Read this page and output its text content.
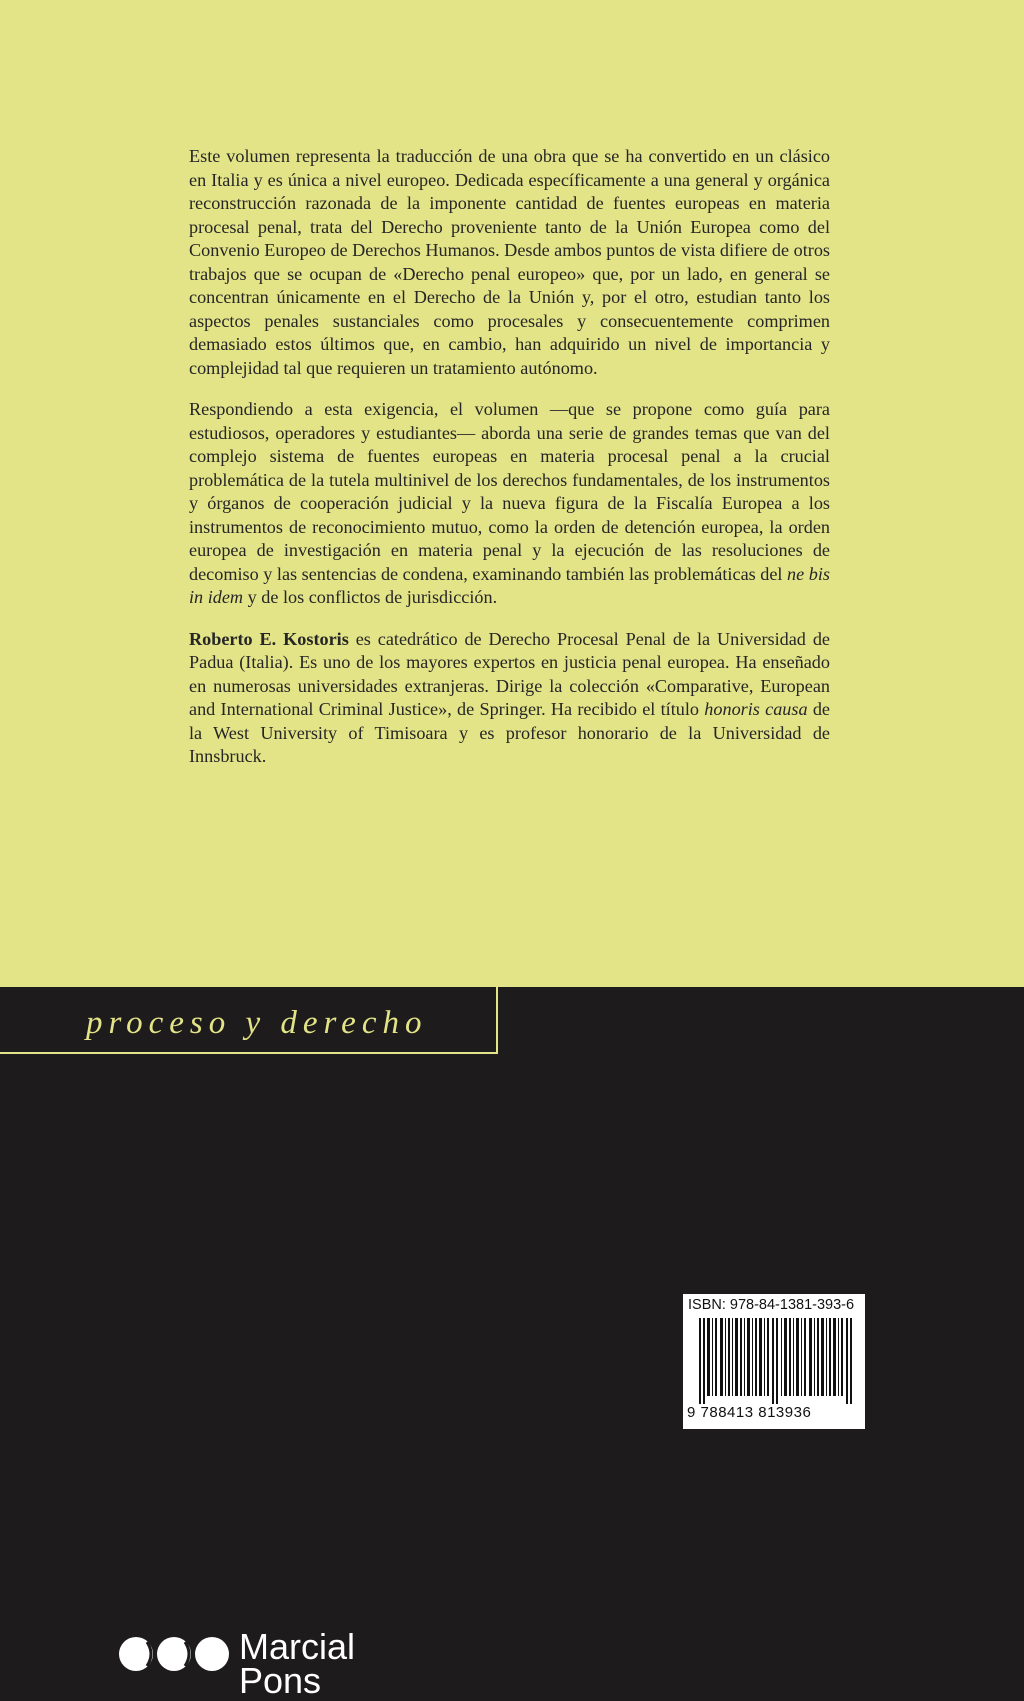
Este volumen representa la traducción de una obra que se ha convertido en un clásico en Italia y es única a nivel europeo. Dedicada específicamente a una general y orgánica reconstrucción razonada de la imponente cantidad de fuentes europeas en materia procesal penal, trata del Derecho proveniente tanto de la Unión Europea como del Convenio Europeo de Derechos Humanos. Desde ambos puntos de vista difiere de otros trabajos que se ocupan de «Derecho penal europeo» que, por un lado, en general se concentran únicamente en el Derecho de la Unión y, por el otro, estudian tanto los aspectos penales sustanciales como procesales y consecuentemente comprimen demasiado estos últimos que, en cambio, han adquirido un nivel de importancia y complejidad tal que requieren un tratamiento autónomo.

Respondiendo a esta exigencia, el volumen —que se propone como guía para estudiosos, operadores y estudiantes— aborda una serie de grandes temas que van del complejo sistema de fuentes europeas en materia procesal penal a la crucial problemática de la tutela multinivel de los derechos fundamentales, de los instrumentos y órganos de cooperación judicial y la nueva figura de la Fiscalía Europea a los instrumentos de reconocimiento mutuo, como la orden de detención europea, la orden europea de investigación en materia penal y la ejecución de las resoluciones de decomiso y las sentencias de condena, examinando también las problemáticas del ne bis in idem y de los conflictos de jurisdicción.

Roberto E. Kostoris es catedrático de Derecho Procesal Penal de la Universidad de Padua (Italia). Es uno de los mayores expertos en justicia penal europea. Ha enseñado en numerosas universidades extranjeras. Dirige la colección «Comparative, European and International Criminal Justice», de Springer. Ha recibido el título honoris causa de la West University of Timisoara y es profesor honorario de la Universidad de Innsbruck.

proceso y derecho
Marcial
Pons
ISBN: 978-84-1381-393-6
9 788413 813936
